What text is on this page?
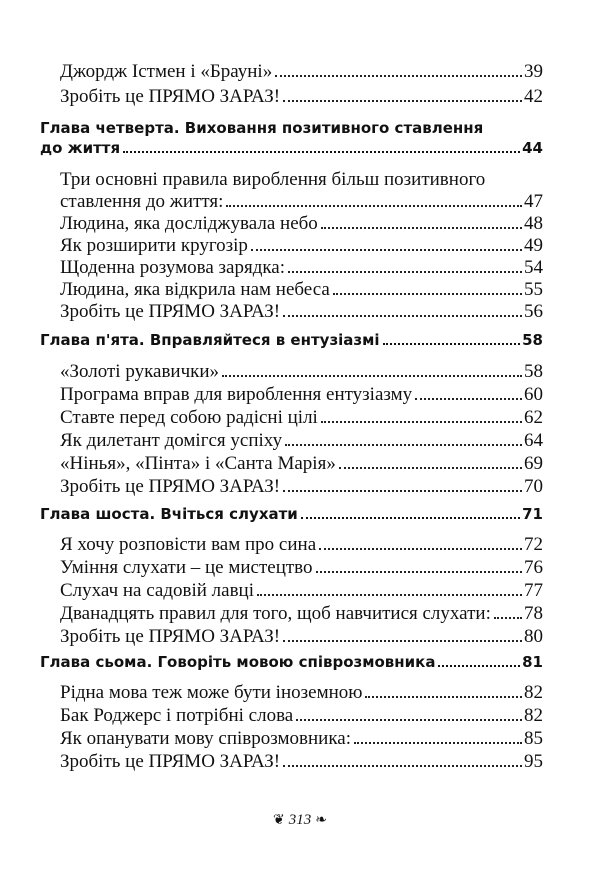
Джордж Істмен і «Брауні»	39
Зробіть це ПРЯМО ЗАРАЗ!	42
Глава четверта. Виховання позитивного ставлення
до життя	44
Три основні правила вироблення більш позитивного
ставлення до життя:	47
Людина, яка досліджувала небо	48
Як розширити кругозір	49
Щоденна розумова зарядка:	54
Людина, яка відкрила нам небеса	55
Зробіть це ПРЯМО ЗАРАЗ!	56
Глава п'ята. Вправляйтеся в ентузіазмі	58
«Золоті рукавички»	58
Програма вправ для вироблення ентузіазму	60
Ставте перед собою радісні цілі	62
Як дилетант домігся успіху	64
«Нінья», «Пінта» і «Санта Марія»	69
Зробіть це ПРЯМО ЗАРАЗ!	70
Глава шоста. Вчіться слухати	71
Я хочу розповісти вам про сина	72
Уміння слухати – це мистецтво	76
Слухач на садовій лавці	77
Дванадцять правил для того, щоб навчитися слухати: 78
Зробіть це ПРЯМО ЗАРАЗ!	80
Глава сьома. Говоріть мовою співрозмовника	81
Рідна мова теж може бути іноземною	82
Бак Роджерс і потрібні слова	82
Як опанувати мову співрозмовника:	85
Зробіть це ПРЯМО ЗАРАЗ!	95
❦ 313 ❧
